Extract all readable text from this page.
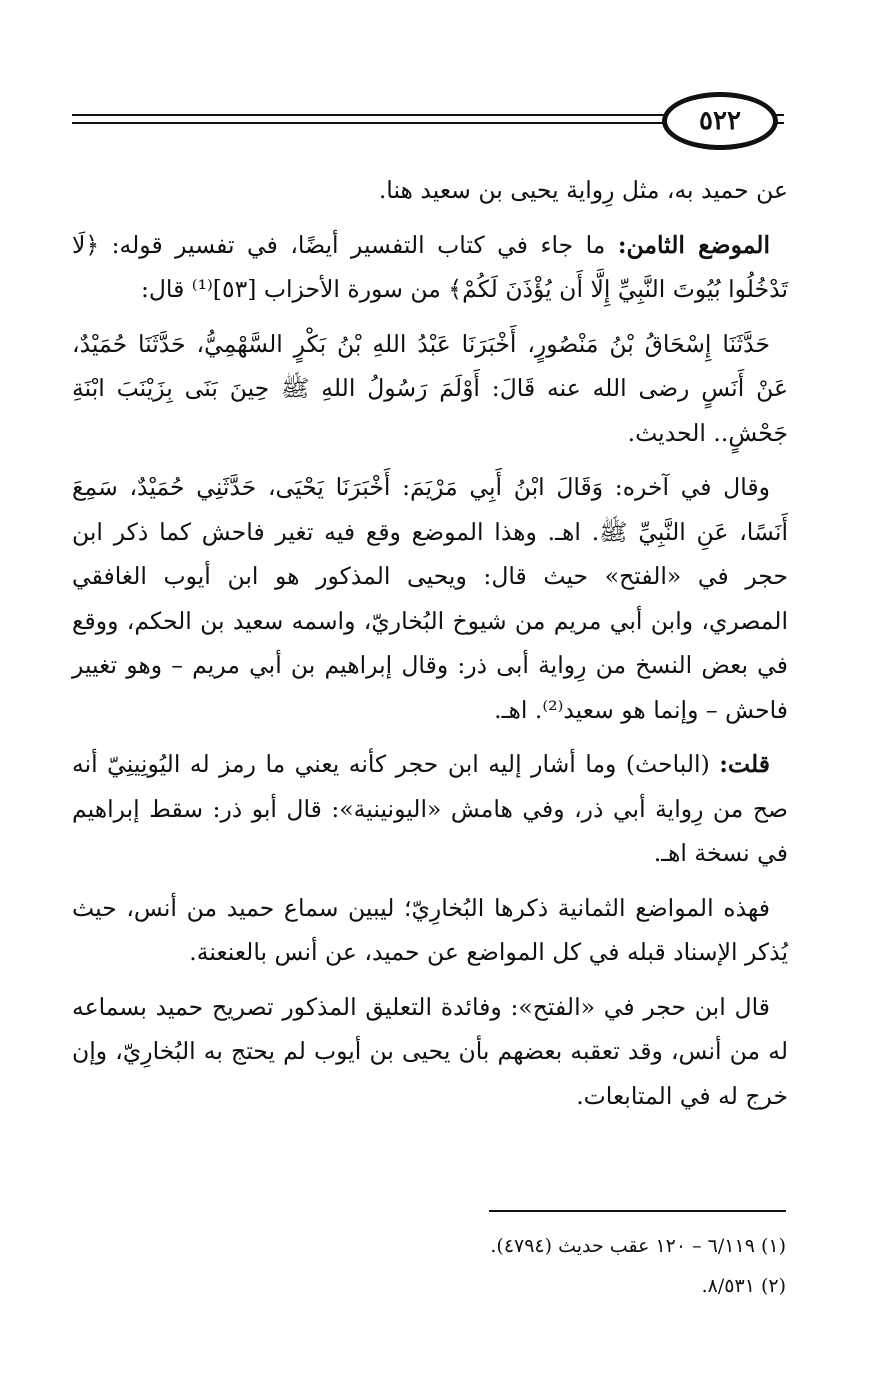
٥٢٢

عن حميد به، مثل رِواية يحيى بن سعيد هنا.

الموضع الثامن: ما جاء في كتاب التفسير أيضًا، في تفسير قوله: ﴿لَا تَدْخُلُوا بُيُوتَ النَّبِيِّ إِلَّا أَن يُؤْذَنَ لَكُمْ﴾ من سورة الأحزاب [٥٣]⁽¹⁾ قال:

حَدَّثَنَا إِسْحَاقُ بْنُ مَنْصُورٍ، أَخْبَرَنَا عَبْدُ اللهِ بْنُ بَكْرٍ السَّهْمِيُّ، حَدَّثَنَا حُمَيْدٌ، عَنْ أَنَسٍ رضى الله عنه قَالَ: أَوْلَمَ رَسُولُ اللهِ ﷺ حِينَ بَنَى بِزَيْنَبَ ابْنَةِ جَحْشٍ.. الحديث.

وقال في آخره: وَقَالَ ابْنُ أَبِي مَرْيَمَ: أَخْبَرَنَا يَحْيَى، حَدَّثَنِي حُمَيْدٌ، سَمِعَ أَنَسًا، عَنِ النَّبِيِّ ﷺ. اهـ. وهذا الموضع وقع فيه تغير فاحش كما ذكر ابن حجر في «الفتح» حيث قال: ويحيى المذكور هو ابن أيوب الغافقي المصري، وابن أبي مريم من شيوخ البُخاريّ، واسمه سعيد بن الحكم، ووقع في بعض النسخ من رِواية أبى ذر: وقال إبراهيم بن أبي مريم – وهو تغيير فاحش – وإنما هو سعيد⁽²⁾. اهـ.

قلت: (الباحث) وما أشار إليه ابن حجر كأنه يعني ما رمز له اليُونِينِيّ أنه صح من رِواية أبي ذر، وفي هامش «اليونينية»: قال أبو ذر: سقط إبراهيم في نسخة اهـ.

فهذه المواضع الثمانية ذكرها البُخارِيّ؛ ليبين سماع حميد من أنس، حيث يُذكر الإسناد قبله في كل المواضع عن حميد، عن أنس بالعنعنة.

قال ابن حجر في «الفتح»: وفائدة التعليق المذكور تصريح حميد بسماعه له من أنس، وقد تعقبه بعضهم بأن يحيى بن أيوب لم يحتج به البُخارِيّ، وإن خرج له في المتابعات.

(١) ٦/١١٩ – ١٢٠ عقب حديث (٤٧٩٤).
(٢) ٨/٥٣١.
